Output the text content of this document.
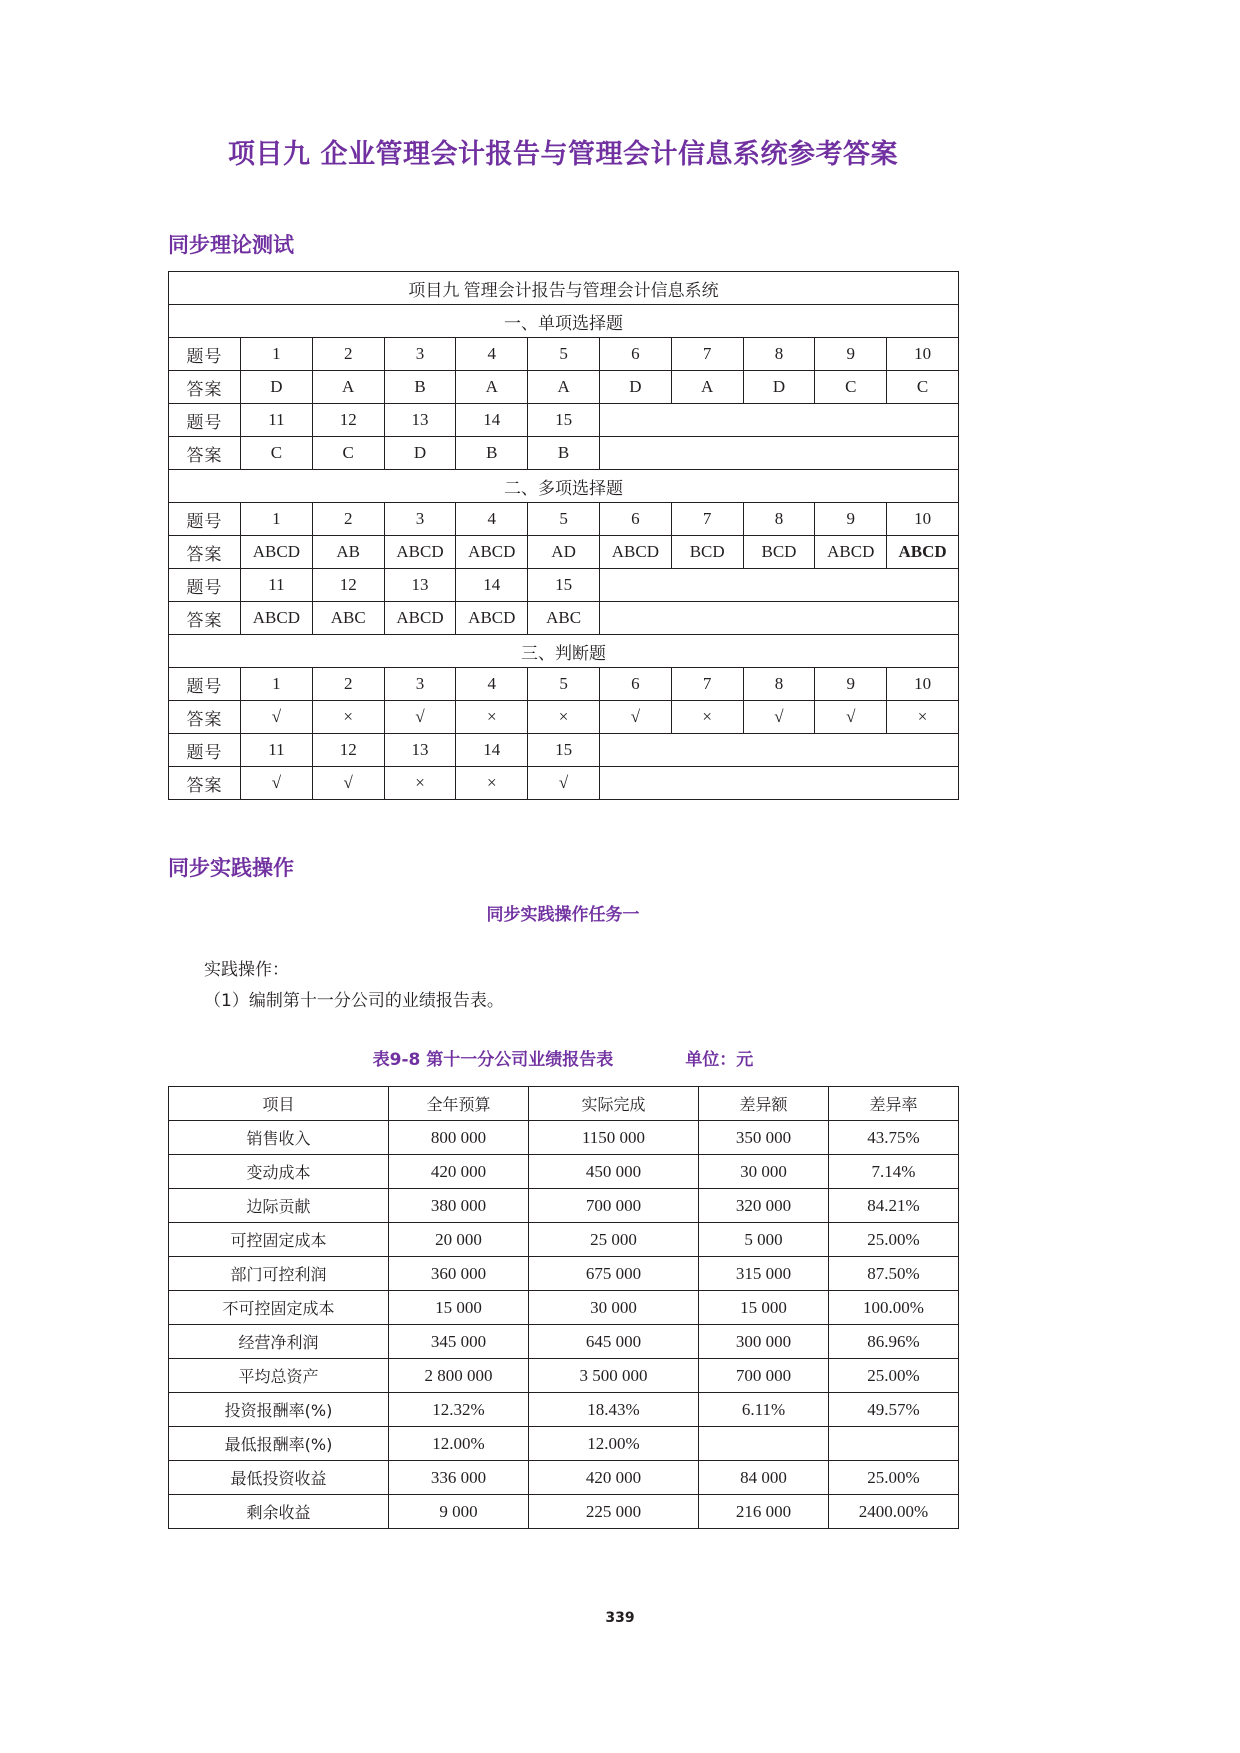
项目九 企业管理会计报告与管理会计信息系统参考答案
同步理论测试
项目九 管理会计报告与管理会计信息系统										
一、单项选择题										
题号	1	2	3	4	5	6	7	8	9	10
答案	D	A	B	A	A	D	A	D	C	C
题号	11	12	13	14	15					
答案	C	C	D	B	B					
二、多项选择题										
题号	1	2	3	4	5	6	7	8	9	10
答案	ABCD	AB	ABCD	ABCD	AD	ABCD	BCD	BCD	ABCD	ABCD
题号	11	12	13	14	15					
答案	ABCD	ABC	ABCD	ABCD	ABC					
三、判断题										
题号	1	2	3	4	5	6	7	8	9	10
答案	√	×	√	×	×	√	×	√	√	×
题号	11	12	13	14	15					
答案	√	√	×	×	√					
同步实践操作
同步实践操作任务一
实践操作：
（1）编制第十一分公司的业绩报告表。
表9-8 第十一分公司业绩报告表	单位：元
项目	全年预算	实际完成	差异额	差异率
销售收入	800 000	1150 000	350 000	43.75%
变动成本	420 000	450 000	30 000	7.14%
边际贡献	380 000	700 000	320 000	84.21%
可控固定成本	20 000	25 000	5 000	25.00%
部门可控利润	360 000	675 000	315 000	87.50%
不可控固定成本	15 000	30 000	15 000	100.00%
经营净利润	345 000	645 000	300 000	86.96%
平均总资产	2 800 000	3 500 000	700 000	25.00%
投资报酬率(%)	12.32%	18.43%	6.11%	49.57%
最低报酬率(%)	12.00%	12.00%		
最低投资收益	336 000	420 000	84 000	25.00%
剩余收益	9 000	225 000	216 000	2400.00%
339
